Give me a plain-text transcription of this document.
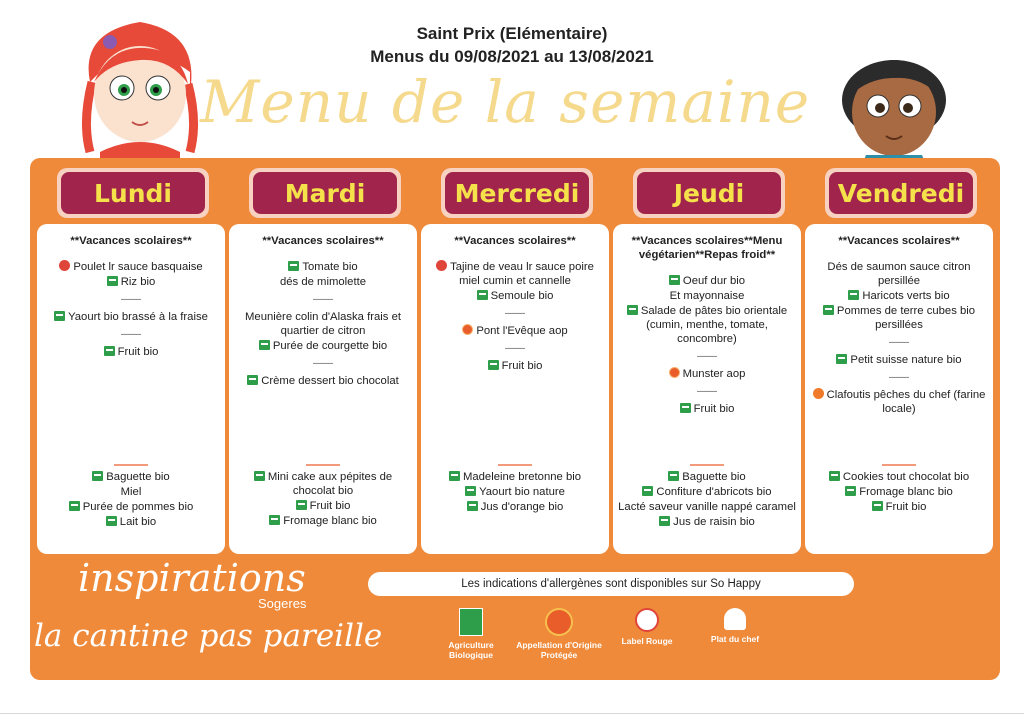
Saint Prix (Elémentaire)
Menus du 09/08/2021 au 13/08/2021
Menu de la semaine
Lundi	Mardi	Mercredi	Jeudi	Vendredi
**Vacances scolaires**
Poulet lr sauce basquaise
Riz bio
——
Yaourt bio brassé à la fraise
——
Fruit bio
Baguette bio
Miel
Purée de pommes bio
Lait bio
**Vacances scolaires**
Tomate bio
dés de mimolette
——
Meunière colin d'Alaska frais et quartier de citron
Purée de courgette bio
——
Crème dessert bio chocolat
Mini cake aux pépites de chocolat bio
Fruit bio
Fromage blanc bio
**Vacances scolaires**
Tajine de veau lr sauce poire miel cumin et cannelle
Semoule bio
——
Pont l'Evêque aop
——
Fruit bio
Madeleine bretonne bio
Yaourt bio nature
Jus d'orange bio
**Vacances scolaires**Menu végétarien**Repas froid**
Oeuf dur bio
Et mayonnaise
Salade de pâtes bio orientale (cumin, menthe, tomate, concombre)
——
Munster aop
——
Fruit bio
Baguette bio
Confiture d'abricots bio
Lacté saveur vanille nappé caramel
Jus de raisin bio
**Vacances scolaires**
Dés de saumon sauce citron persillée
Haricots verts bio
Pommes de terre cubes bio persillées
——
Petit suisse nature bio
——
Clafoutis pêches du chef (farine locale)
Cookies tout chocolat bio
Fromage blanc bio
Fruit bio
inspirations
Sogeres
la cantine pas pareille
Les indications d'allergènes sont disponibles sur So Happy
Agriculture Biologique
Appellation d'Origine Protégée
Label Rouge	Plat du chef
